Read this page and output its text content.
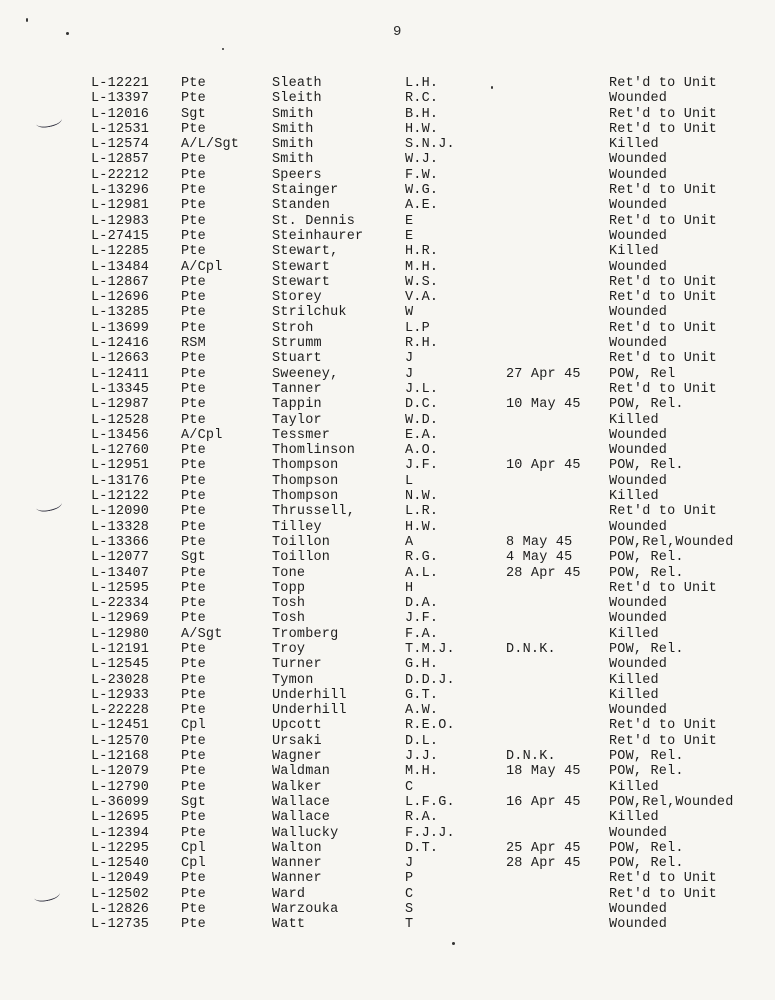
9
L-12221 Pte	Sleath	L.H.	Ret'd to Unit
L-13397 Pte	Sleith	R.C.	Wounded
L-12016 Sgt	Smith	B.H.	Ret'd to Unit
L-12531 Pte	Smith	H.W.	Ret'd to Unit
L-12574 A/L/Sgt Smith	S.N.J.	Killed
L-12857 Pte	Smith	W.J.	Wounded
L-22212 Pte	Speers	F.W.	Wounded
L-13296 Pte	Stainger	W.G.	Ret'd to Unit
L-12981 Pte	Standen	A.E.	Wounded
L-12983 Pte	St. Dennis	E	Ret'd to Unit
L-27415 Pte	Steinhaurer	E	Wounded
L-12285 Pte	Stewart,	H.R.	Killed
L-13484 A/Cpl	Stewart	M.H.	Wounded
L-12867 Pte	Stewart	W.S.	Ret'd to Unit
L-12696 Pte	Storey	V.A.	Ret'd to Unit
L-13285 Pte	Strilchuk	W	Wounded
L-13699 Pte	Stroh	L.P	Ret'd to Unit
L-12416 RSM	Strumm	R.H.	Wounded
L-12663 Pte	Stuart	J	Ret'd to Unit
L-12411 Pte	Sweeney,	J	27 Apr 45 POW, Rel
L-13345 Pte	Tanner	J.L.	Ret'd to Unit
L-12987 Pte	Tappin	D.C.	10 May 45 POW, Rel.
L-12528 Pte	Taylor	W.D.	Killed
L-13456 A/Cpl	Tessmer	E.A.	Wounded
L-12760 Pte	Thomlinson	A.O.	Wounded
L-12951 Pte	Thompson	J.F.	10 Apr 45 POW, Rel.
L-13176 Pte	Thompson	L	Wounded
L-12122 Pte	Thompson	N.W.	Killed
L-12090 Pte	Thrussell,	L.R.	Ret'd to Unit
L-13328 Pte	Tilley	H.W.	Wounded
L-13366 Pte	Toillon	A	8 May 45	POW,Rel,Wounded
L-12077 Sgt	Toillon	R.G.	4 May 45	POW, Rel.
L-13407 Pte	Tone	A.L.	28 Apr 45 POW, Rel.
L-12595 Pte	Topp	H	Ret'd to Unit
L-22334 Pte	Tosh	D.A.	Wounded
L-12969 Pte	Tosh	J.F.	Wounded
L-12980 A/Sgt	Tromberg	F.A.	Killed
L-12191 Pte	Troy	T.M.J.	D.N.K.	POW, Rel.
L-12545 Pte	Turner	G.H.	Wounded
L-23028 Pte	Tymon	D.D.J.	Killed
L-12933 Pte	Underhill	G.T.	Killed
L-22228 Pte	Underhill	A.W.	Wounded
L-12451 Cpl	Upcott	R.E.O.	Ret'd to Unit
L-12570 Pte	Ursaki	D.L.	Ret'd to Unit
L-12168 Pte	Wagner	J.J.	D.N.K.	POW, Rel.
L-12079 Pte	Waldman	M.H.	18 May 45 POW, Rel.
L-12790 Pte	Walker	C	Killed
L-36099 Sgt	Wallace	L.F.G.	16 Apr 45 POW,Rel,Wounded
L-12695 Pte	Wallace	R.A.	Killed
L-12394 Pte	Wallucky	F.J.J.	Wounded
L-12295 Cpl	Walton	D.T.	25 Apr 45 POW, Rel.
L-12540 Cpl	Wanner	J	28 Apr 45 POW, Rel.
L-12049 Pte	Wanner	P	Ret'd to Unit
L-12502 Pte	Ward	C	Ret'd to Unit
L-12826 Pte	Warzouka	S	Wounded
L-12735 Pte	Watt	T	Wounded
